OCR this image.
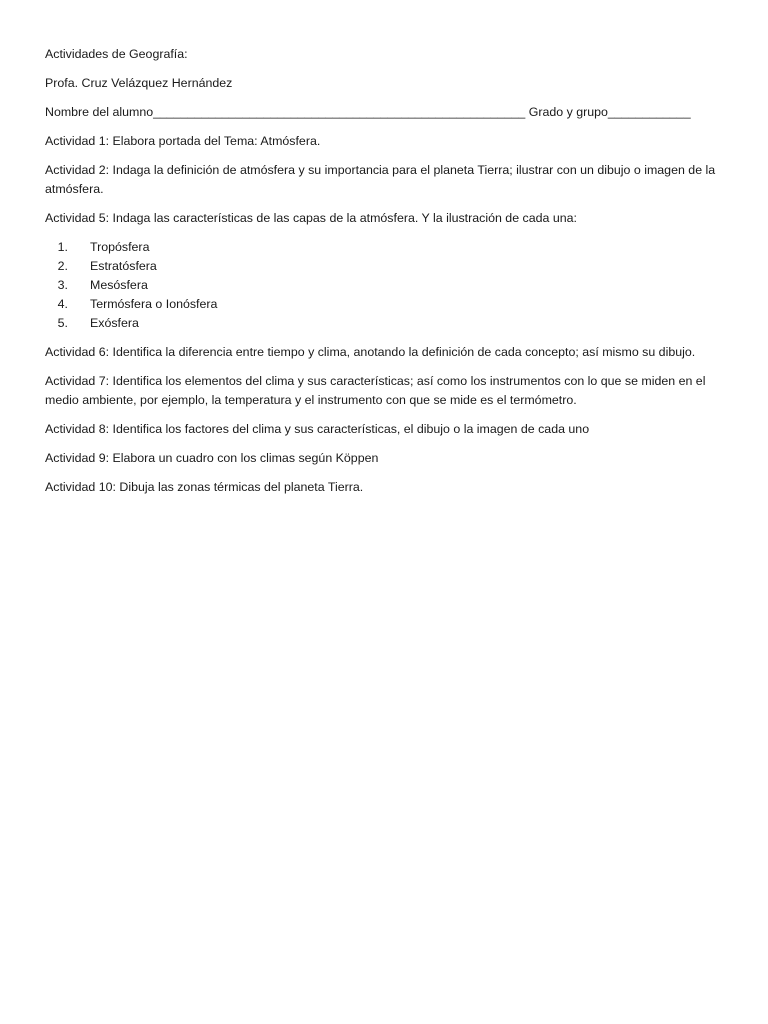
Actividades de Geografía:

Profa. Cruz Velázquez Hernández

Nombre del alumno______________________________________________________ Grado y grupo____________

Actividad 1: Elabora portada del Tema: Atmósfera.

Actividad 2: Indaga la definición de atmósfera y su importancia para el planeta Tierra; ilustrar con un dibujo o imagen de la atmósfera.

Actividad 5: Indaga las características de las capas de la atmósfera. Y la ilustración de cada una:

1.	Tropósfera
2.	Estratósfera
3.	Mesósfera
4.	Termósfera o Ionósfera
5.	Exósfera

Actividad 6: Identifica la diferencia entre tiempo y clima, anotando la definición de cada concepto; así mismo su dibujo.

Actividad 7: Identifica los elementos del clima y sus características; así como los instrumentos con lo que se miden en el medio ambiente, por ejemplo, la temperatura y el instrumento con que se mide es el termómetro.

Actividad 8: Identifica los factores del clima y sus características, el dibujo o la imagen de cada uno

Actividad 9: Elabora un cuadro con los climas según Köppen

Actividad 10: Dibuja las zonas térmicas del planeta Tierra.
